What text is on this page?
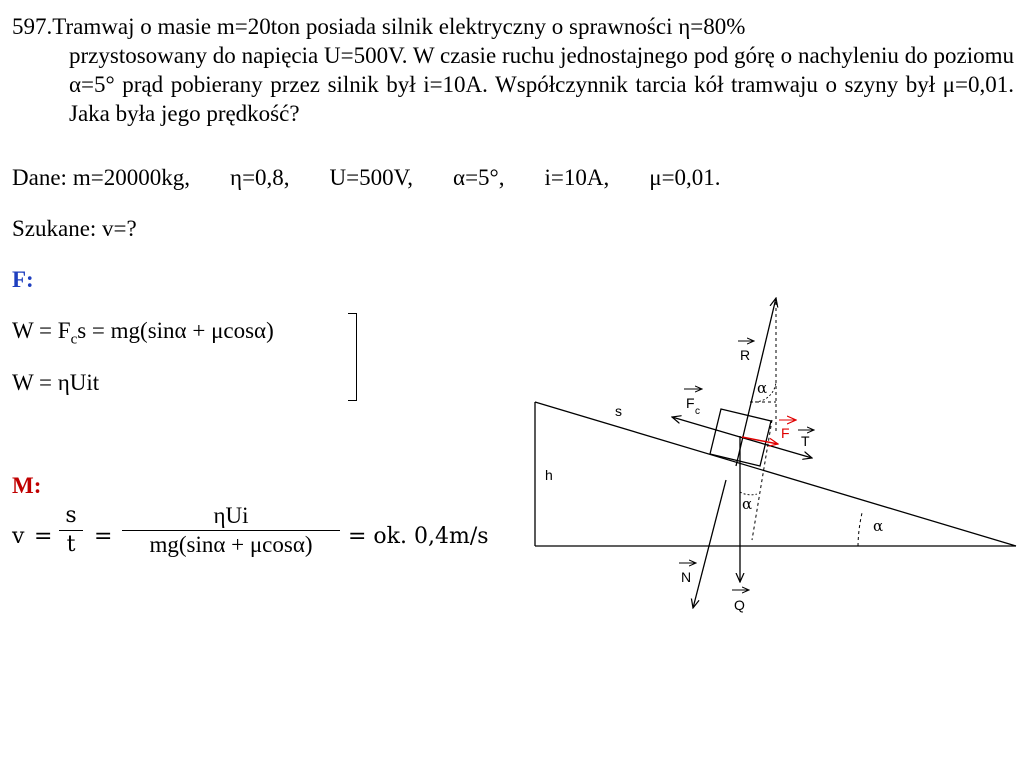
597.Tramwaj o masie m=20ton posiada silnik elektryczny o sprawności η=80%
przystosowany do napięcia U=500V. W czasie ruchu jednostajnego pod górę o nachyleniu do poziomu α=5° prąd pobierany przez silnik był i=10A. Współczynnik tarcia kół tramwaju o szyny był μ=0,01. Jaka była jego prędkość?
Dane: m=20000kg, η=0,8, U=500V, α=5°, i=10A, μ=0,01.
Szukane: v=?
F:
$W = F_cs = mg(\sin\alpha + \mu\cos\alpha)$
W = ηUit
M:
$v = \frac{s}{t}$ =
ηUi
mg(sinα + μcosα)	= ok. 0,4m/s
s
h
R
F
c
F T
N
Q
α
α
α
